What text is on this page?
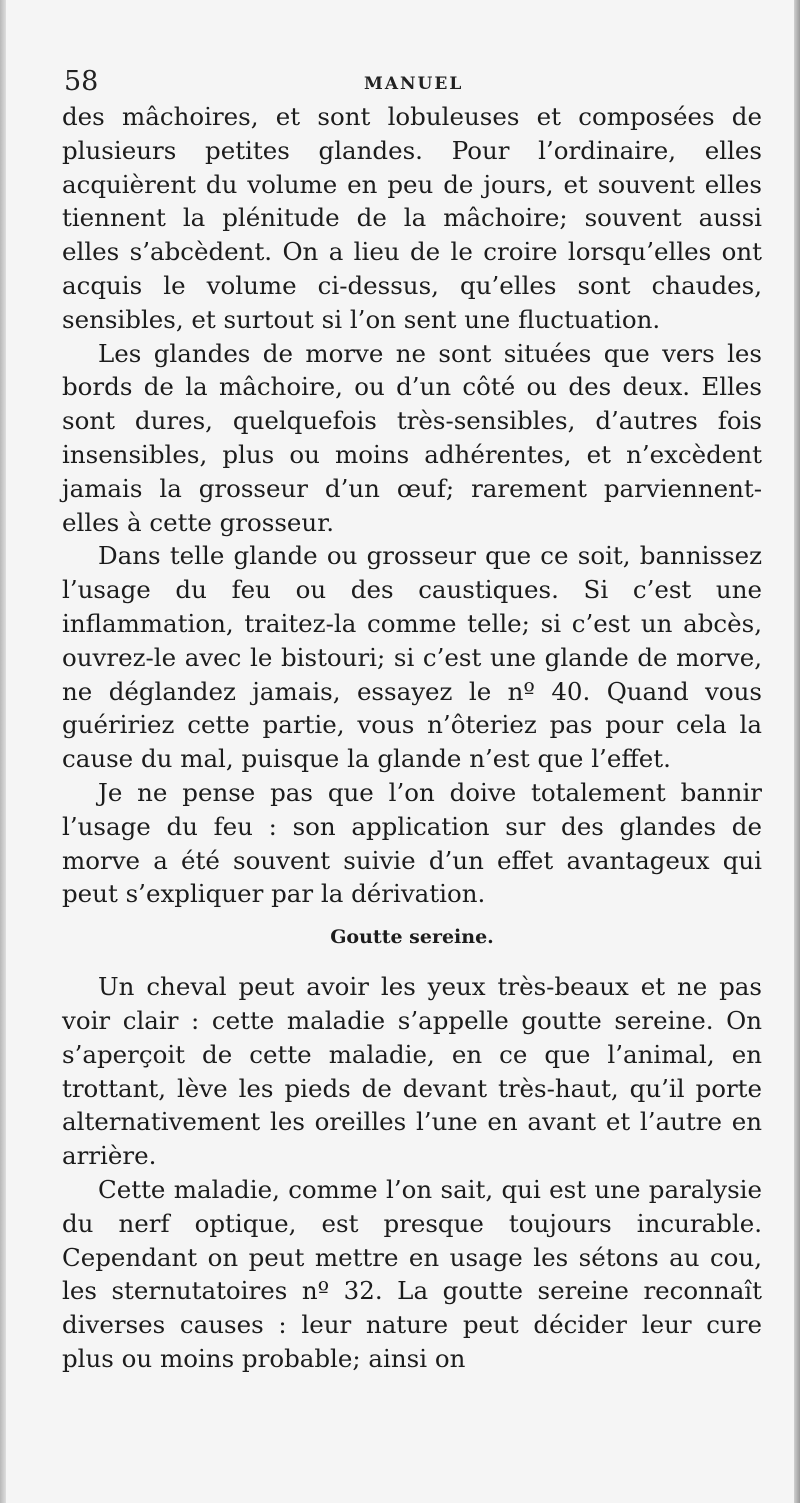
58	MANUEL

des mâchoires, et sont lobuleuses et composées de plusieurs petites glandes. Pour l’ordinaire, elles acquièrent du volume en peu de jours, et souvent elles tiennent la plénitude de la mâchoire; souvent aussi elles s’abcèdent. On a lieu de le croire lorsqu’elles ont acquis le volume ci-dessus, qu’elles sont chaudes, sensibles, et surtout si l’on sent une fluctuation.

Les glandes de morve ne sont situées que vers les bords de la mâchoire, ou d’un côté ou des deux. Elles sont dures, quelquefois très-sensibles, d’autres fois insensibles, plus ou moins adhérentes, et n’excèdent jamais la grosseur d’un œuf; rarement parviennent-elles à cette grosseur.

Dans telle glande ou grosseur que ce soit, bannissez l’usage du feu ou des caustiques. Si c’est une inflammation, traitez-la comme telle; si c’est un abcès, ouvrez-le avec le bistouri; si c’est une glande de morve, ne déglandez jamais, essayez le nº 40. Quand vous guéririez cette partie, vous n’ôteriez pas pour cela la cause du mal, puisque la glande n’est que l’effet.

Je ne pense pas que l’on doive totalement bannir l’usage du feu : son application sur des glandes de morve a été souvent suivie d’un effet avantageux qui peut s’expliquer par la dérivation.

Goutte sereine.

Un cheval peut avoir les yeux très-beaux et ne pas voir clair : cette maladie s’appelle goutte sereine. On s’aperçoit de cette maladie, en ce que l’animal, en trottant, lève les pieds de devant très-haut, qu’il porte alternativement les oreilles l’une en avant et l’autre en arrière.

Cette maladie, comme l’on sait, qui est une paralysie du nerf optique, est presque toujours incurable. Cependant on peut mettre en usage les sétons au cou, les sternutatoires nº 32. La goutte sereine reconnaît diverses causes : leur nature peut décider leur cure plus ou moins probable; ainsi on
